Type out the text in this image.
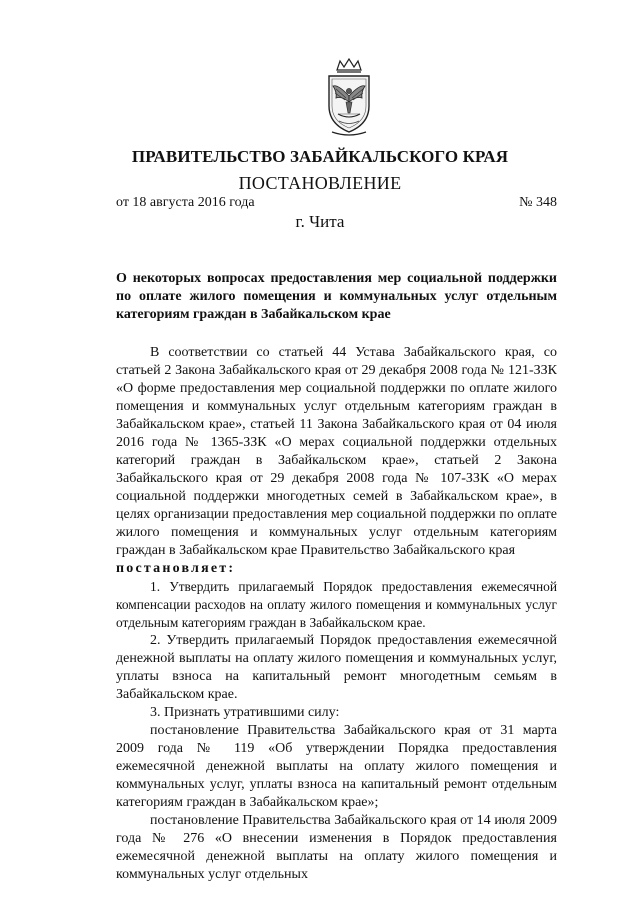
ПРАВИТЕЛЬСТВО ЗАБАЙКАЛЬСКОГО КРАЯ
ПОСТАНОВЛЕНИЕ
от 18 августа 2016 года	№ 348
г. Чита
О некоторых вопросах предоставления мер социальной поддержки по оплате жилого помещения и коммунальных услуг отдельным категориям граждан в Забайкальском крае

В соответствии со статьей 44 Устава Забайкальского края, со статьей 2 Закона Забайкальского края от 29 декабря 2008 года № 121-ЗЗК «О форме предоставления мер социальной поддержки по оплате жилого помещения и коммунальных услуг отдельным категориям граждан в Забайкальском крае», статьей 11 Закона Забайкальского края от 04 июля 2016 года № 1365-ЗЗК «О мерах социальной поддержки отдельных категорий граждан в Забайкальском крае», статьей 2 Закона Забайкальского края от 29 декабря 2008 года № 107-ЗЗК «О мерах социальной поддержки многодетных семей в Забайкальском крае», в целях организации предоставления мер социальной поддержки по оплате жилого помещения и коммунальных услуг отдельным категориям граждан в Забайкальском крае Правительство Забайкальского края
постановляет:

1. Утвердить прилагаемый Порядок предоставления ежемесячной компенсации расходов на оплату жилого помещения и коммунальных услуг отдельным категориям граждан в Забайкальском крае.

2. Утвердить прилагаемый Порядок предоставления ежемесячной денежной выплаты на оплату жилого помещения и коммунальных услуг, уплаты взноса на капитальный ремонт многодетным семьям в Забайкальском крае.

3. Признать утратившими силу:

постановление Правительства Забайкальского края от 31 марта 2009 года № 119 «Об утверждении Порядка предоставления ежемесячной денежной выплаты на оплату жилого помещения и коммунальных услуг, уплаты взноса на капитальный ремонт отдельным категориям граждан в Забайкальском крае»;

постановление Правительства Забайкальского края от 14 июля 2009 года № 276 «О внесении изменения в Порядок предоставления ежемесячной денежной выплаты на оплату жилого помещения и коммунальных услуг отдельных
